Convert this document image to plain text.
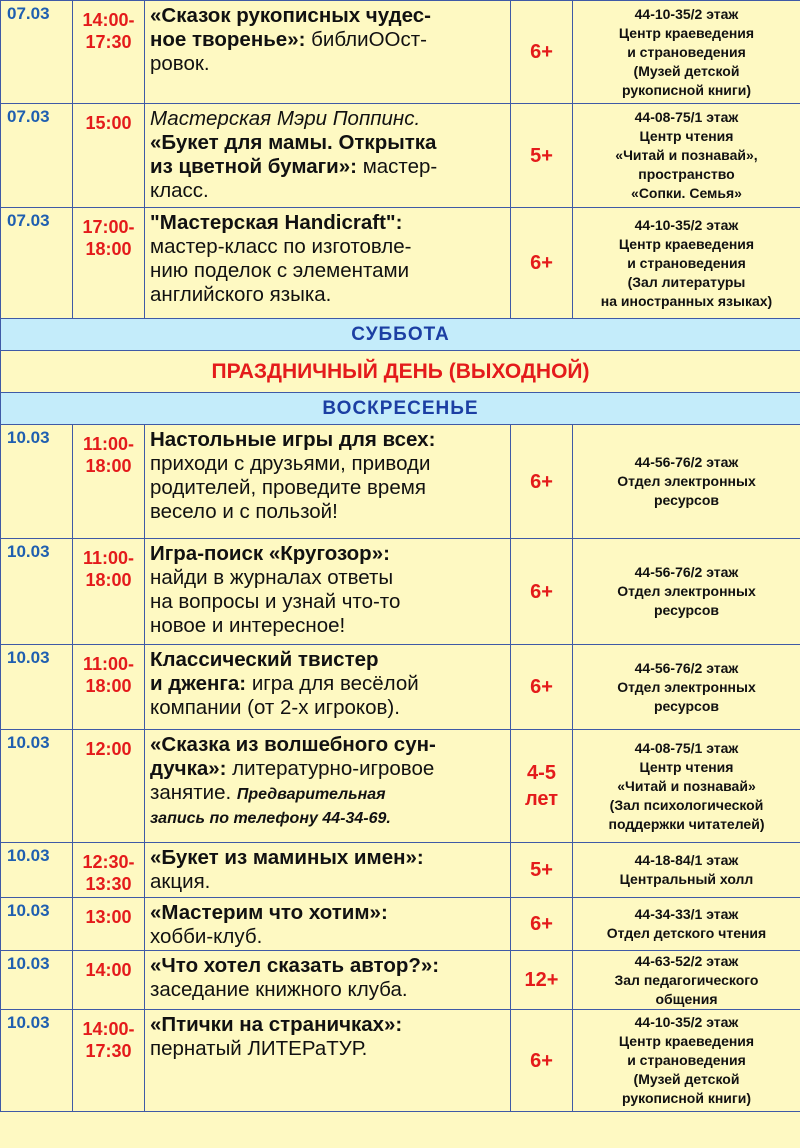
07.03	14:00-
17:30	«Сказок рукописных чудес-
ное творенье»: библиООст-
ровок.	6+	44-10-35/2 этаж
Центр краеведения
и страноведения
(Музей детской
рукописной книги)

07.03	15:00	Мастерская Мэри Поппинс.
«Букет для мамы. Открытка
из цветной бумаги»: мастер-
класс.	5+	44-08-75/1 этаж
Центр чтения
«Читай и познавай»,
пространство
«Сопки. Семья»

07.03	17:00-
18:00	"Мастерская Handicraft":
мастер-класс по изготовле-
нию поделок с элементами
английского языка.	6+	44-10-35/2 этаж
Центр краеведения
и страноведения
(Зал литературы
на иностранных языках)

СУББОТА				
ПРАЗДНИЧНЫЙ ДЕНЬ (ВЫХОДНОЙ)				
ВОСКРЕСЕНЬЕ				
10.03	11:00-
18:00	Настольные игры для всех:
приходи с друзьями, приводи
родителей, проведите время
весело и с пользой!	6+	44-56-76/2 этаж
Отдел электронных
ресурсов

10.03	11:00-
18:00	Игра-поиск «Кругозор»:
найди в журналах ответы
на вопросы и узнай что-то
новое и интересное!	6+	44-56-76/2 этаж
Отдел электронных
ресурсов

10.03	11:00-
18:00	Классический твистер
и дженга: игра для весёлой
компании (от 2-х игроков).	6+	44-56-76/2 этаж
Отдел электронных
ресурсов

10.03	12:00	«Сказка из волшебного сун-
дучка»: литературно-игровое
занятие. Предварительная
запись по телефону 44-34-69.	4-5
лет	44-08-75/1 этаж
Центр чтения
«Читай и познавай»
(Зал психологической
поддержки читателей)

10.03	12:30-
13:30	«Букет из маминых имен»:
акция.	5+	44-18-84/1 этаж
Центральный холл

10.03	13:00	«Мастерим что хотим»:
хобби-клуб.	6+	44-34-33/1 этаж
Отдел детского чтения

10.03	14:00	«Что хотел сказать автор?»:
заседание книжного клуба.	12+	44-63-52/2 этаж
Зал педагогического
общения

10.03	14:00-
17:30	«Птички на страничках»:
пернатый ЛИТЕРаТУР.	6+	44-10-35/2 этаж
Центр краеведения
и страноведения
(Музей детской
рукописной книги)
